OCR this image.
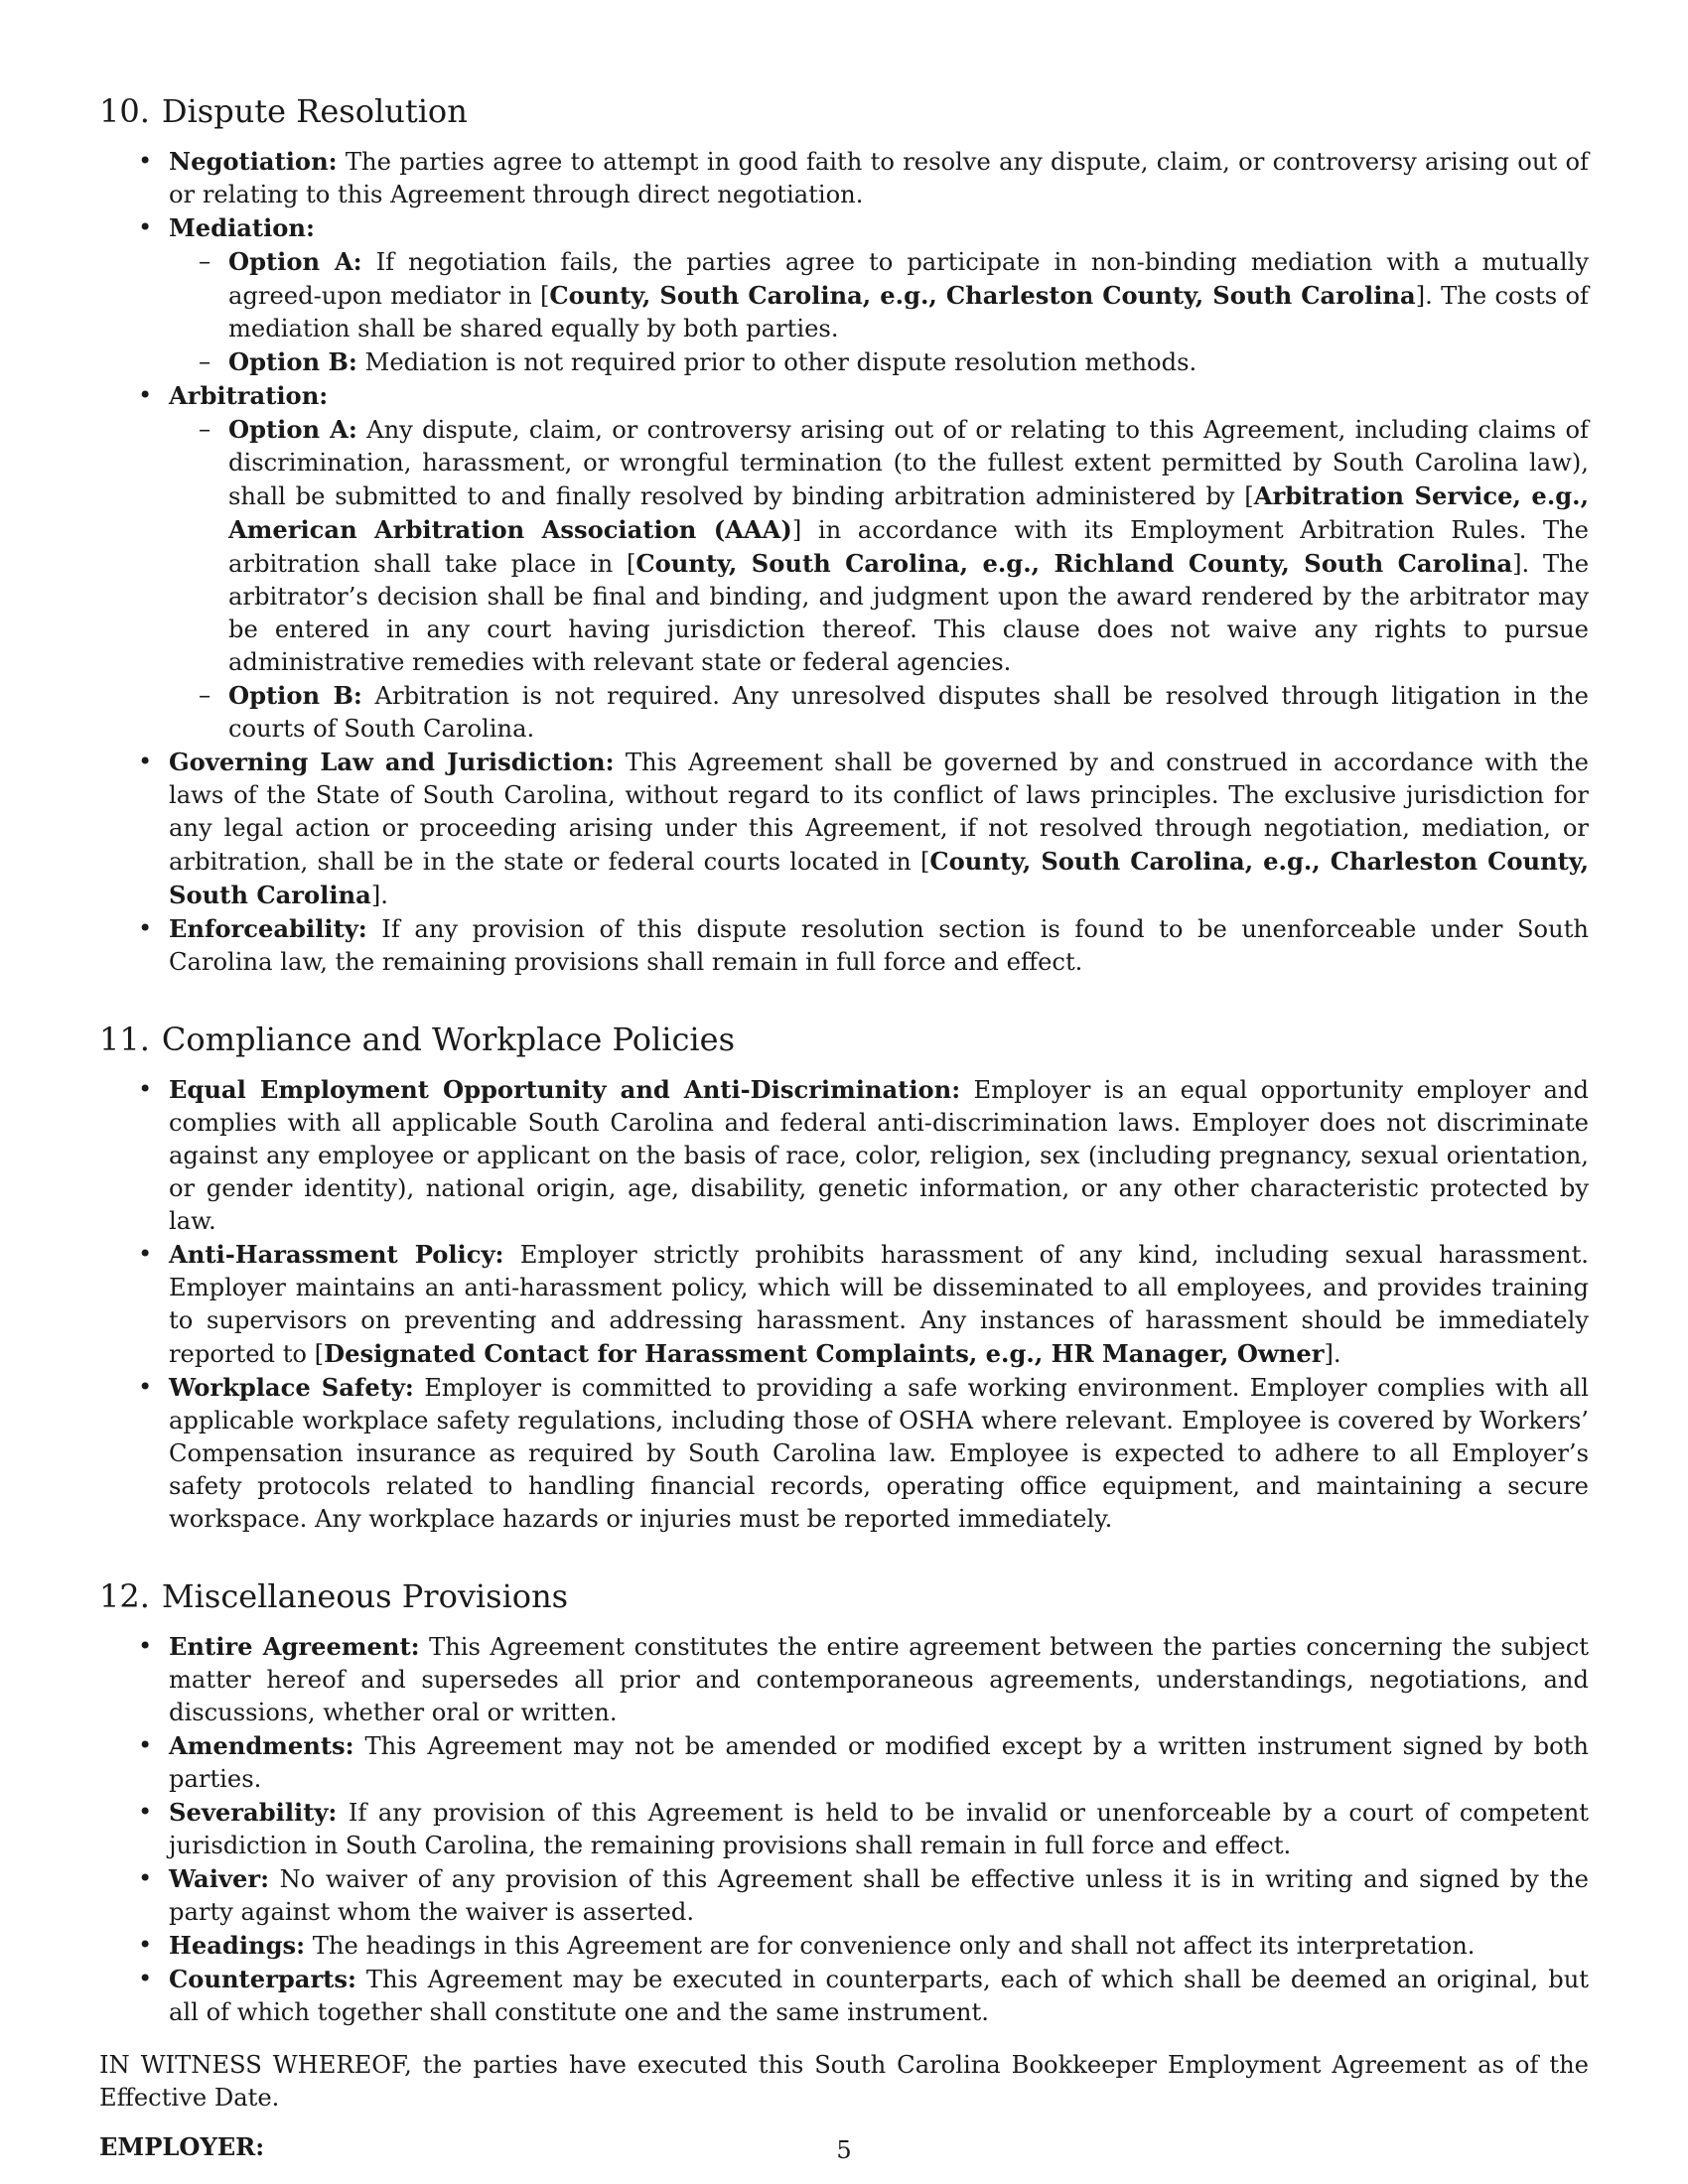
10. Dispute Resolution
• Negotiation: The parties agree to attempt in good faith to resolve any dispute, claim, or controversy arising out of or relating to this Agreement through direct negotiation.
• Mediation:
– Option A: If negotiation fails, the parties agree to participate in non-binding mediation with a mutually agreed-upon mediator in [County, South Carolina, e.g., Charleston County, South Carolina]. The costs of mediation shall be shared equally by both parties.
– Option B: Mediation is not required prior to other dispute resolution methods.
• Arbitration:
– Option A: Any dispute, claim, or controversy arising out of or relating to this Agreement, including claims of discrimination, harassment, or wrongful termination (to the fullest extent permitted by South Carolina law), shall be submitted to and finally resolved by binding arbitration administered by [Arbitration Service, e.g., American Arbitration Association (AAA)] in accordance with its Employment Arbitration Rules. The arbitration shall take place in [County, South Carolina, e.g., Richland County, South Carolina]. The arbitrator’s decision shall be final and binding, and judgment upon the award rendered by the arbitrator may be entered in any court having jurisdiction thereof. This clause does not waive any rights to pursue administrative remedies with relevant state or federal agencies.
– Option B: Arbitration is not required. Any unresolved disputes shall be resolved through litigation in the courts of South Carolina.
• Governing Law and Jurisdiction: This Agreement shall be governed by and construed in accordance with the laws of the State of South Carolina, without regard to its conflict of laws principles. The exclusive jurisdiction for any legal action or proceeding arising under this Agreement, if not resolved through negotiation, mediation, or arbitration, shall be in the state or federal courts located in [County, South Carolina, e.g., Charleston County, South Carolina].
• Enforceability: If any provision of this dispute resolution section is found to be unenforceable under South Carolina law, the remaining provisions shall remain in full force and effect.
11. Compliance and Workplace Policies
• Equal Employment Opportunity and Anti-Discrimination: Employer is an equal opportunity employer and complies with all applicable South Carolina and federal anti-discrimination laws. Employer does not discriminate against any employee or applicant on the basis of race, color, religion, sex (including pregnancy, sexual orientation, or gender identity), national origin, age, disability, genetic information, or any other characteristic protected by law.
• Anti-Harassment Policy: Employer strictly prohibits harassment of any kind, including sexual harassment. Employer maintains an anti-harassment policy, which will be disseminated to all employees, and provides training to supervisors on preventing and addressing harassment. Any instances of harassment should be immediately reported to [Designated Contact for Harassment Complaints, e.g., HR Manager, Owner].
• Workplace Safety: Employer is committed to providing a safe working environment. Employer complies with all applicable workplace safety regulations, including those of OSHA where relevant. Employee is covered by Workers’ Compensation insurance as required by South Carolina law. Employee is expected to adhere to all Employer’s safety protocols related to handling financial records, operating office equipment, and maintaining a secure workspace. Any workplace hazards or injuries must be reported immediately.
12. Miscellaneous Provisions
• Entire Agreement: This Agreement constitutes the entire agreement between the parties concerning the subject matter hereof and supersedes all prior and contemporaneous agreements, understandings, negotiations, and discussions, whether oral or written.
• Amendments: This Agreement may not be amended or modified except by a written instrument signed by both parties.
• Severability: If any provision of this Agreement is held to be invalid or unenforceable by a court of competent jurisdiction in South Carolina, the remaining provisions shall remain in full force and effect.
• Waiver: No waiver of any provision of this Agreement shall be effective unless it is in writing and signed by the party against whom the waiver is asserted.
• Headings: The headings in this Agreement are for convenience only and shall not affect its interpretation.
• Counterparts: This Agreement may be executed in counterparts, each of which shall be deemed an original, but all of which together shall constitute one and the same instrument.

IN WITNESS WHEREOF, the parties have executed this South Carolina Bookkeeper Employment Agreement as of the Effective Date.

EMPLOYER:	5
